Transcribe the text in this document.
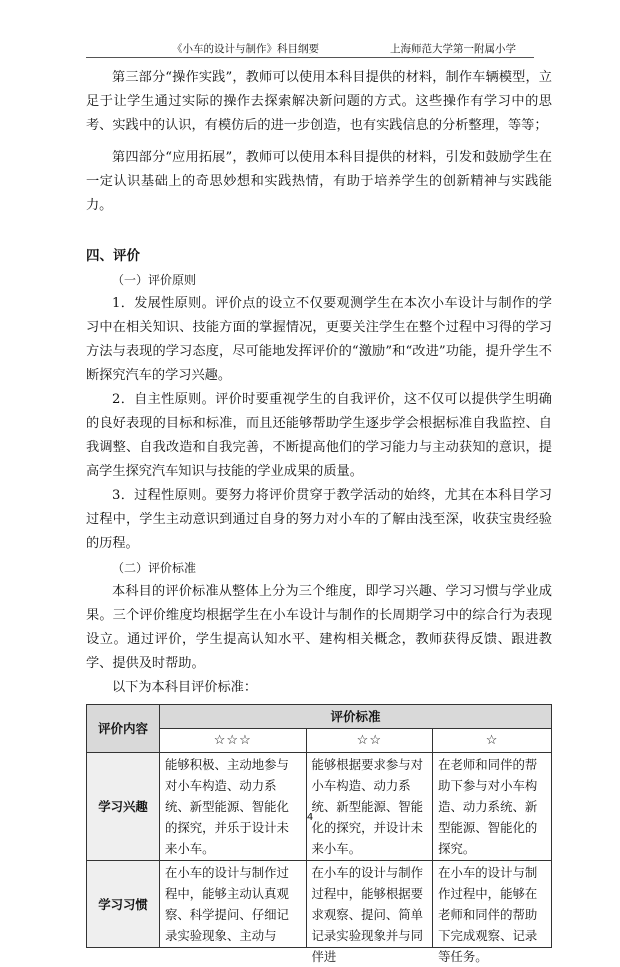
《小车的设计与制作》科目纲要	上海师范大学第一附属小学

第三部分“操作实践”，教师可以使用本科目提供的材料，制作车辆模型，立足于让学生通过实际的操作去探索解决新问题的方式。这些操作有学习中的思考、实践中的认识，有模仿后的进一步创造，也有实践信息的分析整理，等等；

第四部分“应用拓展”，教师可以使用本科目提供的材料，引发和鼓励学生在一定认识基础上的奇思妙想和实践热情，有助于培养学生的创新精神与实践能力。

四、评价
（一）评价原则

1．发展性原则。评价点的设立不仅要观测学生在本次小车设计与制作的学习中在相关知识、技能方面的掌握情况，更要关注学生在整个过程中习得的学习方法与表现的学习态度，尽可能地发挥评价的“激励”和“改进”功能，提升学生不断探究汽车的学习兴趣。

2．自主性原则。评价时要重视学生的自我评价，这不仅可以提供学生明确的良好表现的目标和标准，而且还能够帮助学生逐步学会根据标准自我监控、自我调整、自我改造和自我完善，不断提高他们的学习能力与主动获知的意识，提高学生探究汽车知识与技能的学业成果的质量。

3．过程性原则。要努力将评价贯穿于教学活动的始终，尤其在本科目学习过程中，学生主动意识到通过自身的努力对小车的了解由浅至深，收获宝贵经验的历程。

（二）评价标准

本科目的评价标准从整体上分为三个维度，即学习兴趣、学习习惯与学业成果。三个评价维度均根据学生在小车设计与制作的长周期学习中的综合行为表现设立。通过评价，学生提高认知水平、建构相关概念，教师获得反馈、跟进教学、提供及时帮助。

以下为本科目评价标准：

评价内容	评价标准		
	☆☆☆	☆☆	☆
学习兴趣	能够积极、主动地参与对小车构造、动力系统、新型能源、智能化的探究，并乐于设计未来小车。	能够根据要求参与对小车构造、动力系统、新型能源、智能化的探究，并设计未来小车。	在老师和同伴的帮助下参与对小车构造、动力系统、新型能源、智能化的探究。
学习习惯	在小车的设计与制作过程中，能够主动认真观察、科学提问、仔细记录实验现象、主动与	在小车的设计与制作过程中，能够根据要求观察、提问、简单记录实验现象并与同伴进	在小车的设计与制作过程中，能够在老师和同伴的帮助下完成观察、记录等任务。
4
